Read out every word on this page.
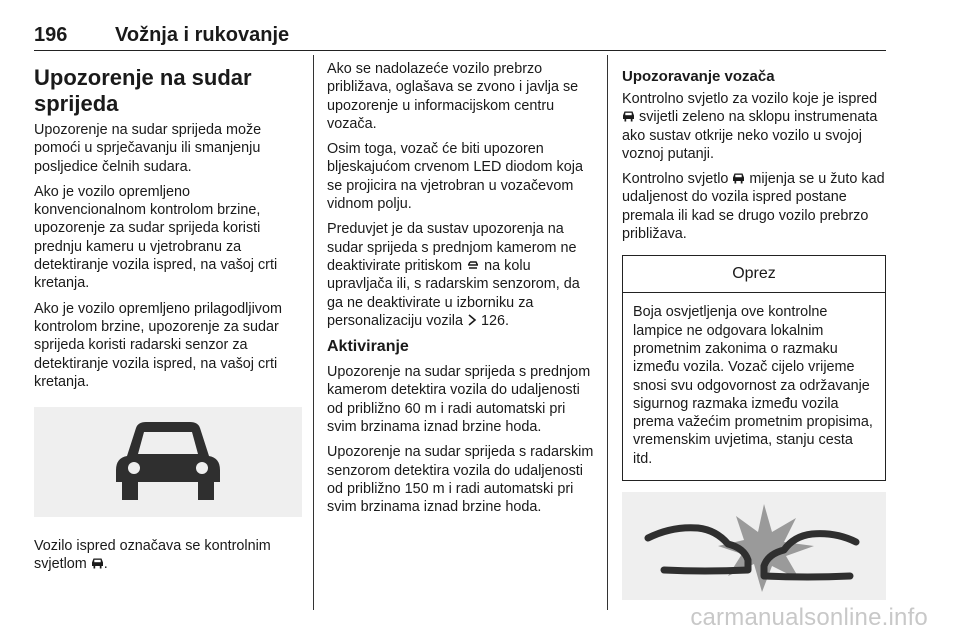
196 Vožnja i rukovanje
Upozorenje na sudar sprijeda

Upozorenje na sudar sprijeda može pomoći u sprječavanju ili smanjenju posljedice čelnih sudara.

Ako je vozilo opremljeno konvencionalnom kontrolom brzine, upozorenje za sudar sprijeda koristi prednju kameru u vjetrobranu za detektiranje vozila ispred, na vašoj crti kretanja.

Ako je vozilo opremljeno prilagodljivom kontrolom brzine, upozorenje za sudar sprijeda koristi radarski senzor za detektiranje vozila ispred, na vašoj crti kretanja.

Vozilo ispred označava se kontrolnim svjetlom .

Ako se nadolazeće vozilo prebrzo približava, oglašava se zvono i javlja se upozorenje u informacijskom centru vozača.

Osim toga, vozač će biti upozoren bljeskajućom crvenom LED diodom koja se projicira na vjetrobran u vozačevom vidnom polju.

Preduvjet je da sustav upozorenja na sudar sprijeda s prednjom kamerom ne deaktivirate pritiskom na kolu upravljača ili, s radarskim senzorom, da ga ne deaktivirate u izborniku za personalizaciju vozila 126.

Aktiviranje

Upozorenje na sudar sprijeda s prednjom kamerom detektira vozila do udaljenosti od približno 60 m i radi automatski pri svim brzinama iznad brzine hoda.

Upozorenje na sudar sprijeda s radarskim senzorom detektira vozila do udaljenosti od približno 150 m i radi automatski pri svim brzinama iznad brzine hoda.

Upozoravanje vozača

Kontrolno svjetlo za vozilo koje je ispred  svijetli zeleno na sklopu instrumenata ako sustav otkrije neko vozilo u svojoj voznoj putanji.

Kontrolno svjetlo mijenja se u žuto kad udaljenost do vozila ispred postane premala ili kad se drugo vozilo prebrzo približava.

Oprez

Boja osvjetljenja ove kontrolne lampice ne odgovara lokalnim prometnim zakonima o razmaku između vozila. Vozač cijelo vrijeme snosi svu odgovornost za održavanje sigurnog razmaka između vozila prema važećim prometnim propisima, vremenskim uvjetima, stanju cesta itd.

carmanualsonline.info
